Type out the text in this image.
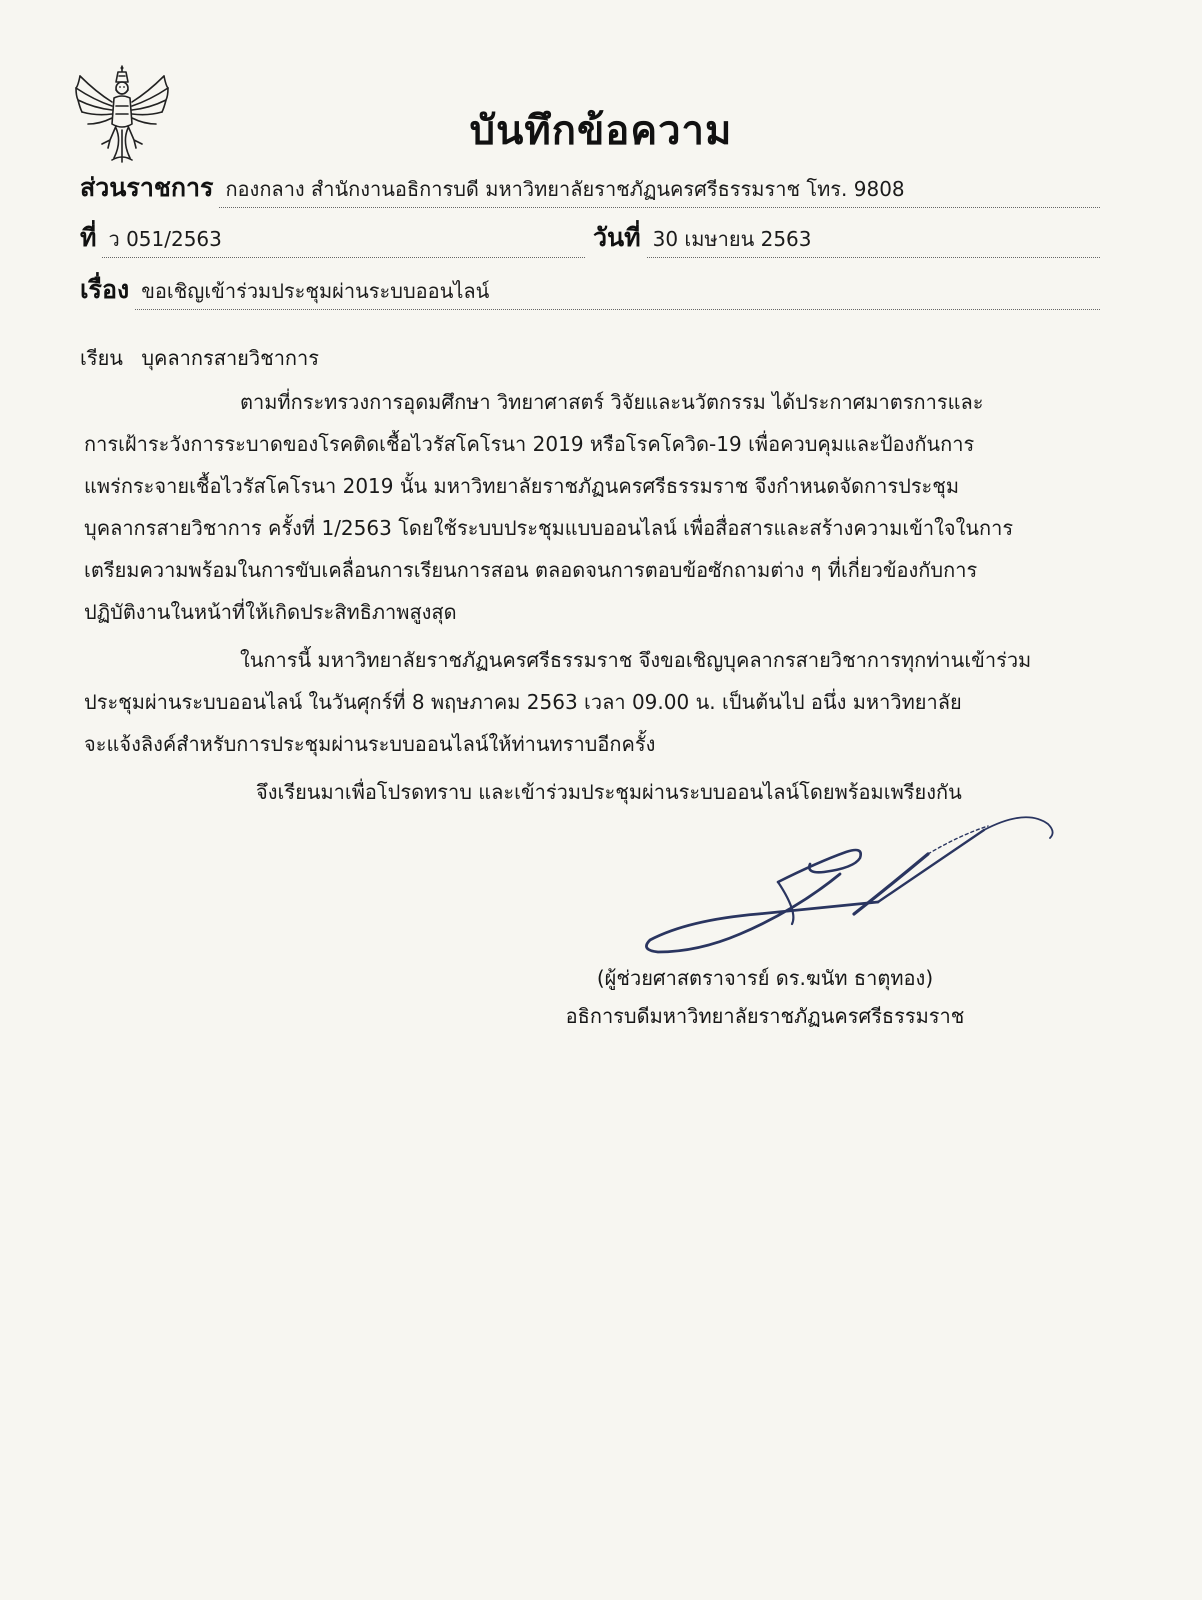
บันทึกข้อความ
ส่วนราชการ กองกลาง สำนักงานอธิการบดี มหาวิทยาลัยราชภัฏนครศรีธรรมราช โทร. 9808
ที่ ว 051/2563	วันที่ 30 เมษายน 2563
เรื่อง ขอเชิญเข้าร่วมประชุมผ่านระบบออนไลน์
เรียน บุคลากรสายวิชาการ
ตามที่กระทรวงการอุดมศึกษา วิทยาศาสตร์ วิจัยและนวัตกรรม ได้ประกาศมาตรการและ
การเฝ้าระวังการระบาดของโรคติดเชื้อไวรัสโคโรนา 2019 หรือโรคโควิด-19 เพื่อควบคุมและป้องกันการ
แพร่กระจายเชื้อไวรัสโคโรนา 2019 นั้น มหาวิทยาลัยราชภัฏนครศรีธรรมราช จึงกำหนดจัดการประชุม
บุคลากรสายวิชาการ ครั้งที่ 1/2563 โดยใช้ระบบประชุมแบบออนไลน์ เพื่อสื่อสารและสร้างความเข้าใจในการ
เตรียมความพร้อมในการขับเคลื่อนการเรียนการสอน ตลอดจนการตอบข้อซักถามต่าง ๆ ที่เกี่ยวข้องกับการ
ปฏิบัติงานในหน้าที่ให้เกิดประสิทธิภาพสูงสุด
ในการนี้ มหาวิทยาลัยราชภัฏนครศรีธรรมราช จึงขอเชิญบุคลากรสายวิชาการทุกท่านเข้าร่วม
ประชุมผ่านระบบออนไลน์ ในวันศุกร์ที่ 8 พฤษภาคม 2563 เวลา 09.00 น. เป็นต้นไป อนึ่ง มหาวิทยาลัย
จะแจ้งลิงค์สำหรับการประชุมผ่านระบบออนไลน์ให้ท่านทราบอีกครั้ง
จึงเรียนมาเพื่อโปรดทราบ และเข้าร่วมประชุมผ่านระบบออนไลน์โดยพร้อมเพรียงกัน
(ผู้ช่วยศาสตราจารย์ ดร.ฆนัท ธาตุทอง)
อธิการบดีมหาวิทยาลัยราชภัฏนครศรีธรรมราช
